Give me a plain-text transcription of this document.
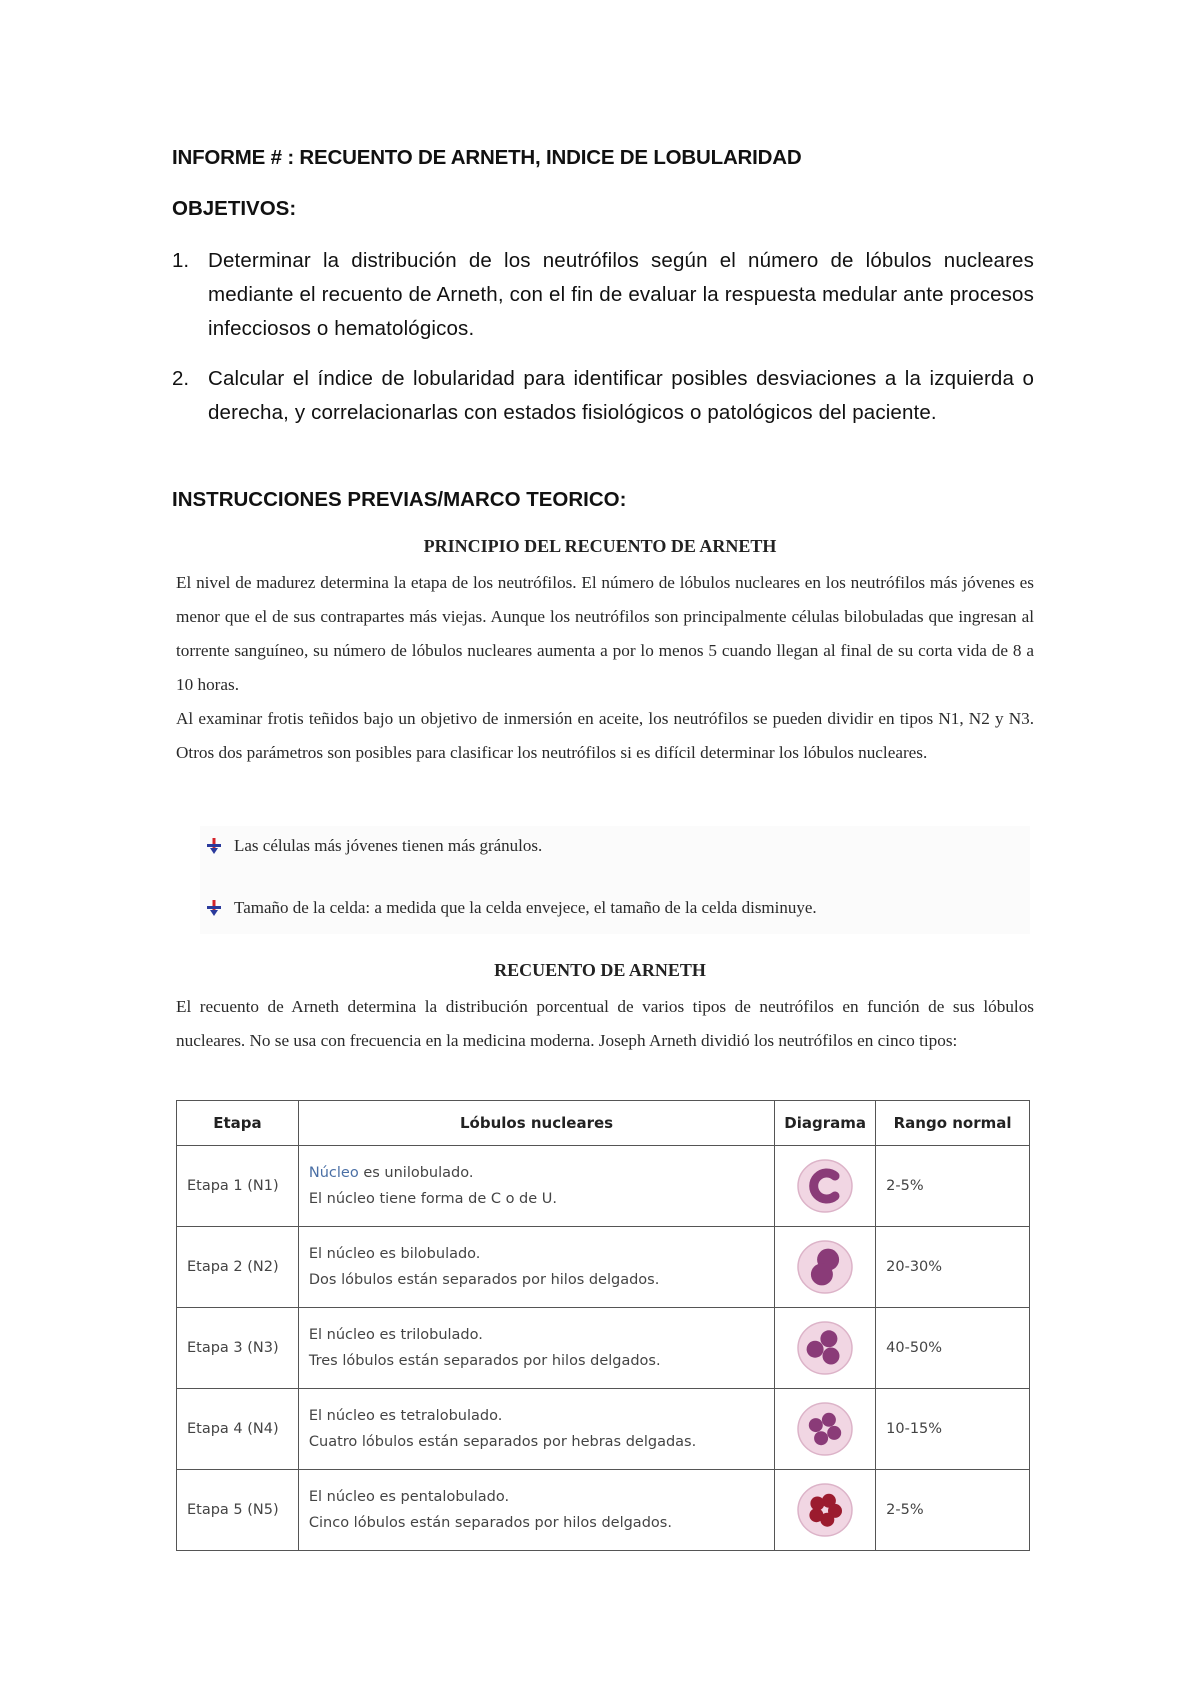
INFORME # : RECUENTO DE ARNETH, INDICE DE LOBULARIDAD
OBJETIVOS:
1. Determinar la distribución de los neutrófilos según el número de lóbulos nucleares mediante el recuento de Arneth, con el fin de evaluar la respuesta medular ante procesos infecciosos o hematológicos.
2. Calcular el índice de lobularidad para identificar posibles desviaciones a la izquierda o derecha, y correlacionarlas con estados fisiológicos o patológicos del paciente.
INSTRUCCIONES PREVIAS/MARCO TEORICO:
PRINCIPIO DEL RECUENTO DE ARNETH
El nivel de madurez determina la etapa de los neutrófilos. El número de lóbulos nucleares en los neutrófilos más jóvenes es menor que el de sus contrapartes más viejas. Aunque los neutrófilos son principalmente células bilobuladas que ingresan al torrente sanguíneo, su número de lóbulos nucleares aumenta a por lo menos 5 cuando llegan al final de su corta vida de 8 a 10 horas.
Al examinar frotis teñidos bajo un objetivo de inmersión en aceite, los neutrófilos se pueden dividir en tipos N1, N2 y N3. Otros dos parámetros son posibles para clasificar los neutrófilos si es difícil determinar los lóbulos nucleares.
Las células más jóvenes tienen más gránulos.
Tamaño de la celda: a medida que la celda envejece, el tamaño de la celda disminuye.
RECUENTO DE ARNETH
El recuento de Arneth determina la distribución porcentual de varios tipos de neutrófilos en función de sus lóbulos nucleares. No se usa con frecuencia en la medicina moderna. Joseph Arneth dividió los neutrófilos en cinco tipos:
Etapa	Lóbulos nucleares	Diagrama	Rango normal
Etapa 1 (N1)	Núcleo es unilobulado.
El núcleo tiene forma de C o de U.		2-5%
Etapa 2 (N2)	El núcleo es bilobulado.
Dos lóbulos están separados por hilos delgados.		20-30%
Etapa 3 (N3)	El núcleo es trilobulado.
Tres lóbulos están separados por hilos delgados.		40-50%
Etapa 4 (N4)	El núcleo es tetralobulado.
Cuatro lóbulos están separados por hebras delgadas.		10-15%
Etapa 5 (N5)	El núcleo es pentalobulado.
Cinco lóbulos están separados por hilos delgados.		2-5%
